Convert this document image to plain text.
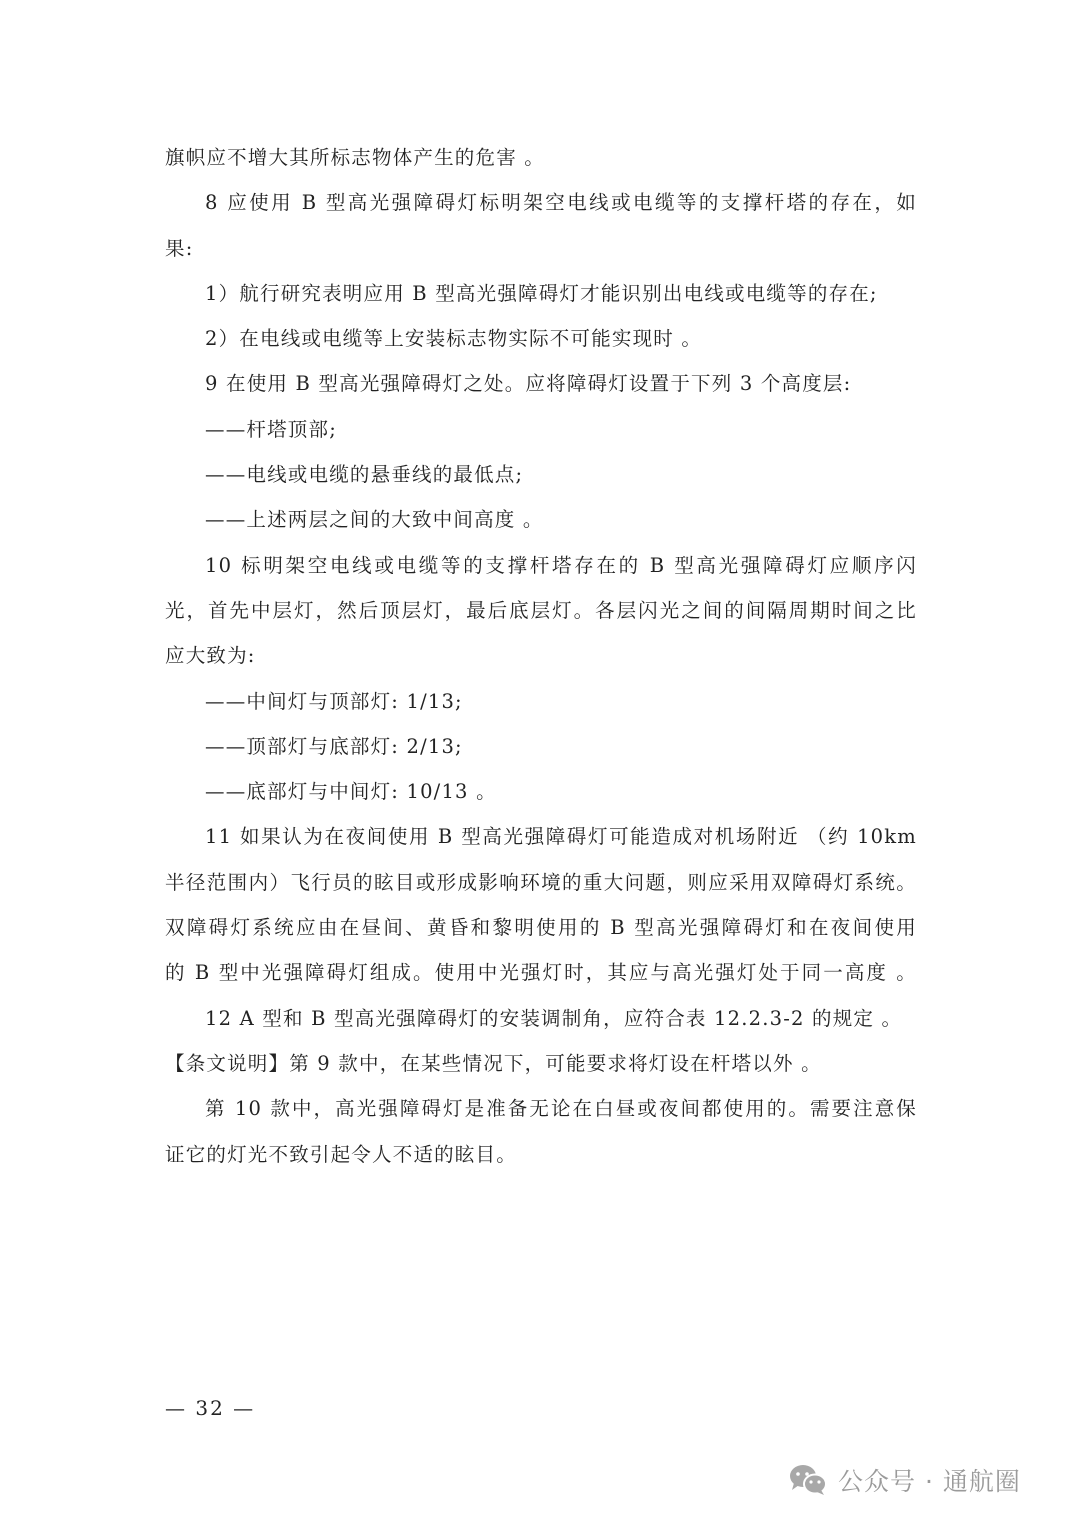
旗帜应不增大其所标志物体产生的危害 。
8 应使用 B 型高光强障碍灯标明架空电线或电缆等的支撑杆塔的存在，如
果:
1）航行研究表明应用 B 型高光强障碍灯才能识别出电线或电缆等的存在;
2）在电线或电缆等上安装标志物实际不可能实现时 。
9 在使用 B 型高光强障碍灯之处。应将障碍灯设置于下列 3 个高度层:
——杆塔顶部;
——电线或电缆的悬垂线的最低点;
——上述两层之间的大致中间高度 。
10 标明架空电线或电缆等的支撑杆塔存在的 B 型高光强障碍灯应顺序闪
光，首先中层灯，然后顶层灯，最后底层灯。各层闪光之间的间隔周期时间之比
应大致为:
——中间灯与顶部灯: 1/13;
——顶部灯与底部灯: 2/13;
——底部灯与中间灯: 10/13 。
11 如果认为在夜间使用 B 型高光强障碍灯可能造成对机场附近 （约 10km
半径范围内）飞行员的眩目或形成影响环境的重大问题，则应采用双障碍灯系统。
双障碍灯系统应由在昼间、黄昏和黎明使用的 B 型高光强障碍灯和在夜间使用
的 B 型中光强障碍灯组成。使用中光强灯时，其应与高光强灯处于同一高度 。
12 A 型和 B 型高光强障碍灯的安装调制角，应符合表 12.2.3-2 的规定 。
【条文说明】第 9 款中，在某些情况下，可能要求将灯设在杆塔以外 。
第 10 款中，高光强障碍灯是准备无论在白昼或夜间都使用的。需要注意保
证它的灯光不致引起令人不适的眩目。
— 32 —
公众号 · 通航圈
